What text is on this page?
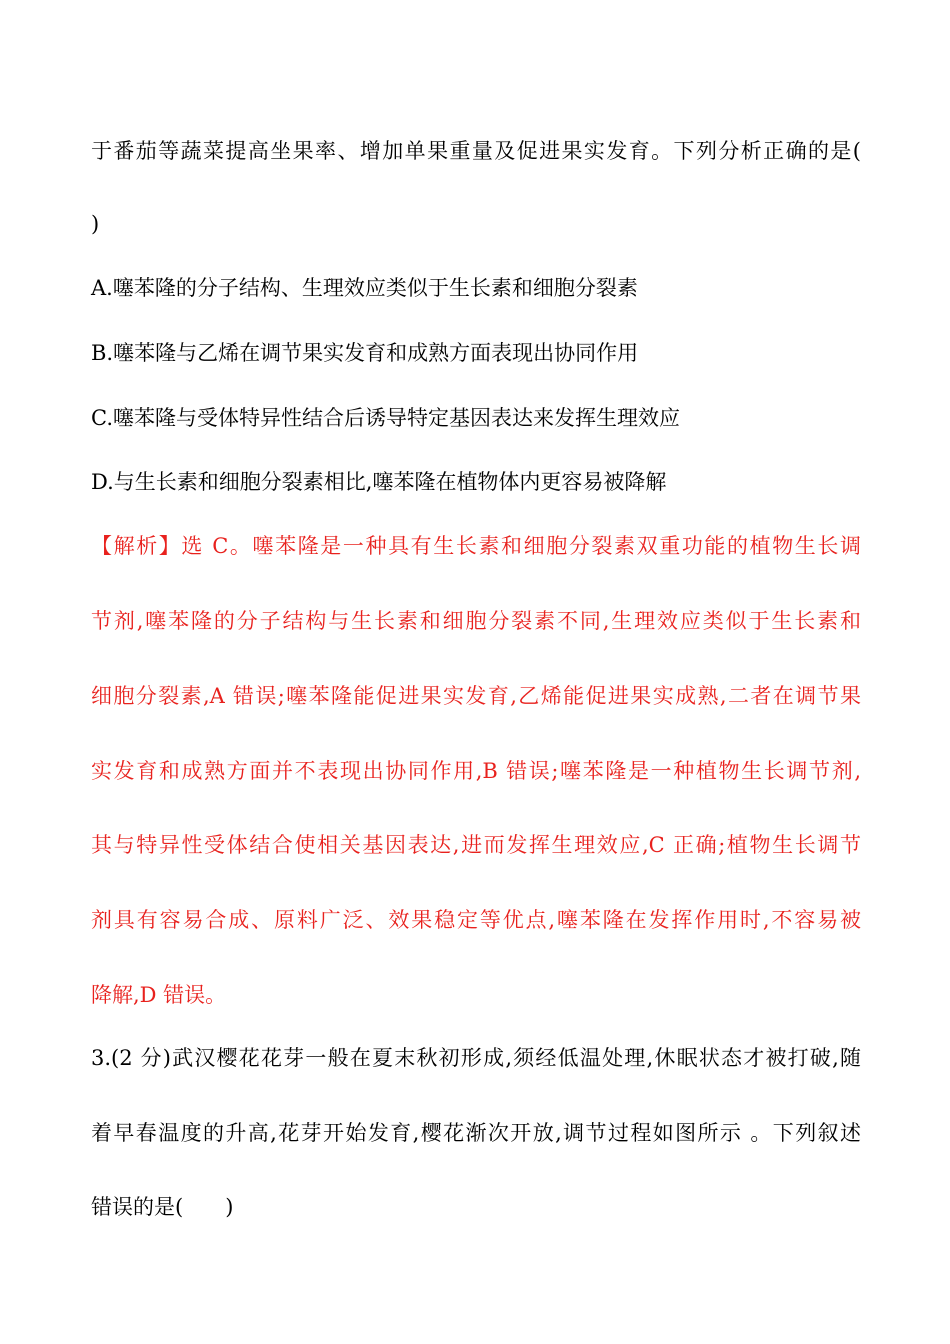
于番茄等蔬菜提高坐果率、增加单果重量及促进果实发育。下列分析正确的是(
)
A.噻苯隆的分子结构、生理效应类似于生长素和细胞分裂素
B.噻苯隆与乙烯在调节果实发育和成熟方面表现出协同作用
C.噻苯隆与受体特异性结合后诱导特定基因表达来发挥生理效应
D.与生长素和细胞分裂素相比,噻苯隆在植物体内更容易被降解
【解析】选 C。噻苯隆是一种具有生长素和细胞分裂素双重功能的植物生长调
节剂,噻苯隆的分子结构与生长素和细胞分裂素不同,生理效应类似于生长素和
细胞分裂素,A 错误;噻苯隆能促进果实发育,乙烯能促进果实成熟,二者在调节果
实发育和成熟方面并不表现出协同作用,B 错误;噻苯隆是一种植物生长调节剂,
其与特异性受体结合使相关基因表达,进而发挥生理效应,C 正确;植物生长调节
剂具有容易合成、原料广泛、效果稳定等优点,噻苯隆在发挥作用时,不容易被
降解,D 错误。
3.(2 分)武汉樱花花芽一般在夏末秋初形成,须经低温处理,休眠状态才被打破,随
着早春温度的升高,花芽开始发育,樱花渐次开放,调节过程如图所示 。下列叙述
错误的是(　　)
